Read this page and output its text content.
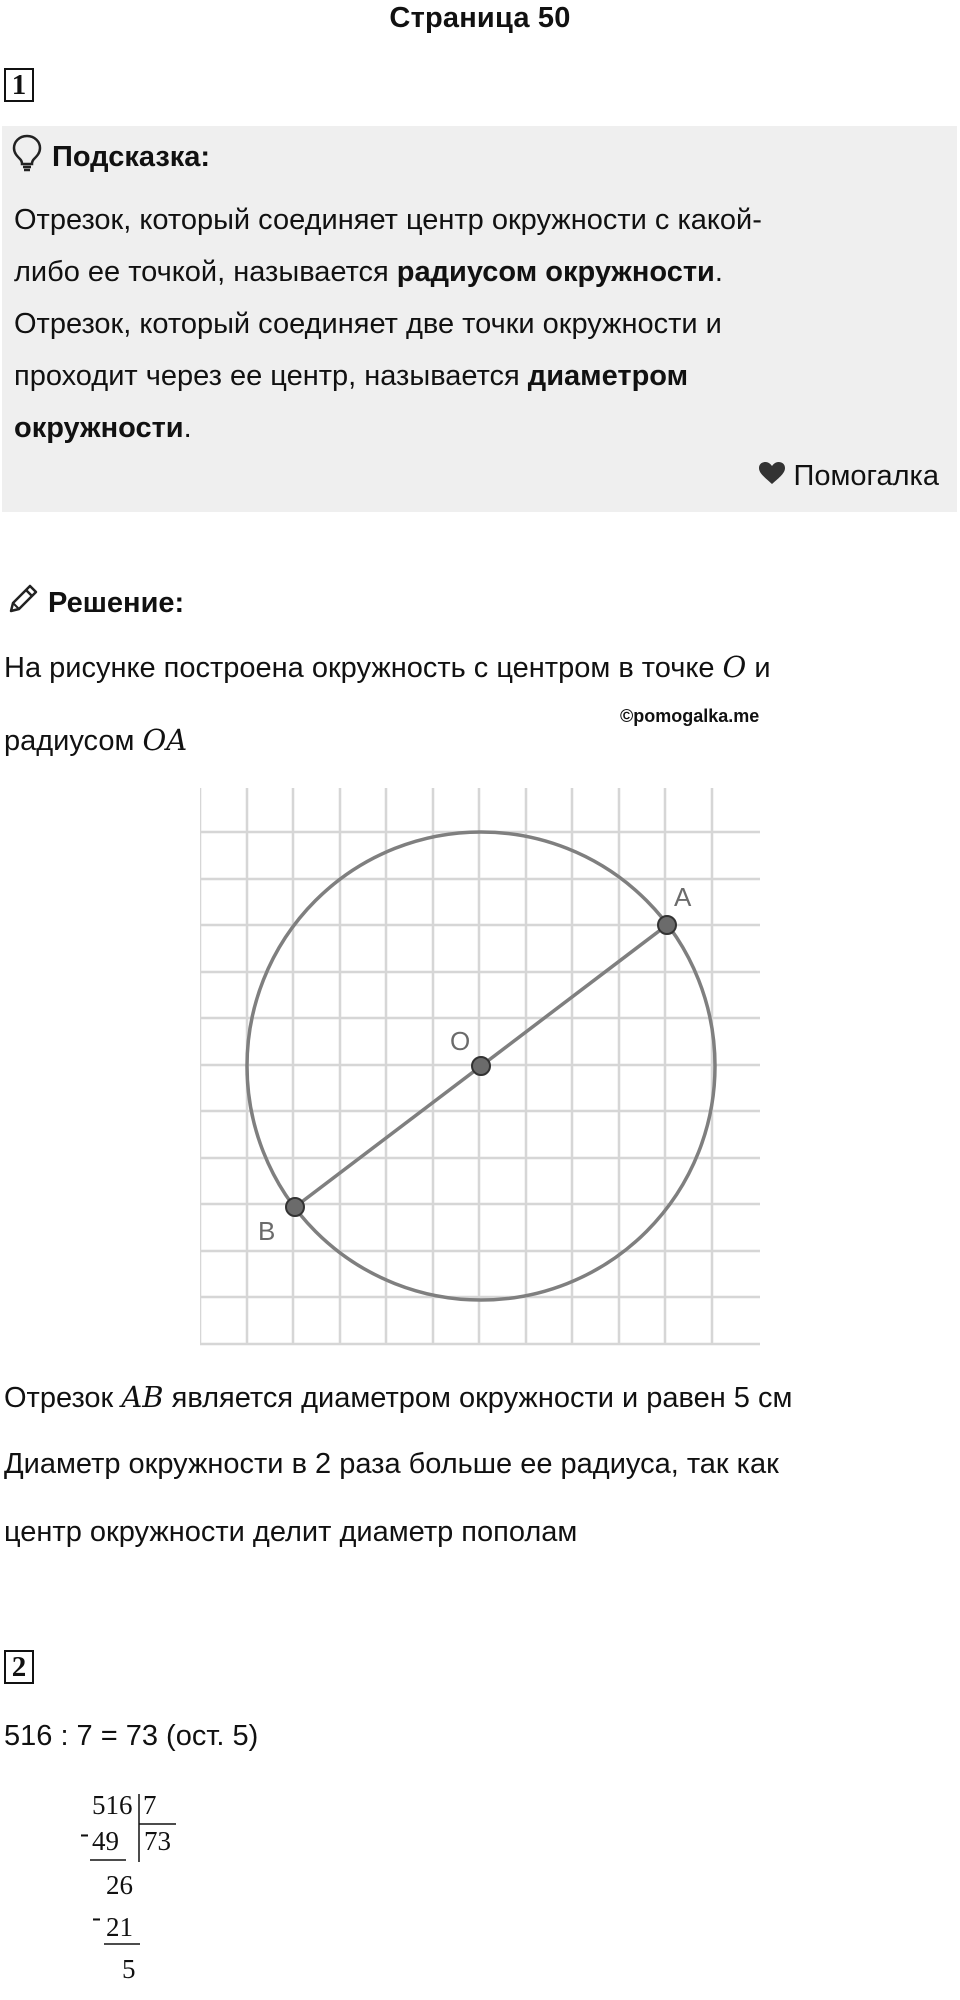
Страница 50
1
Подсказка:
Отрезок, который соединяет центр окружности с какой-
либо ее точкой, называется радиусом окружности.
Отрезок, который соединяет две точки окружности и
проходит через ее центр, называется диаметром
окружности.
Помогалка
Решение:
На рисунке построена окружность с центром в точке O и
радиусом OA
©pomogalka.me
A
O
B
Отрезок AB является диаметром окружности и равен 5 см
Диаметр окружности в 2 раза больше ее радиуса, так как
центр окружности делит диаметр пополам
2
516 : 7 = 73 (ост. 5)
516 7
- 49 73
26
- 21
5
